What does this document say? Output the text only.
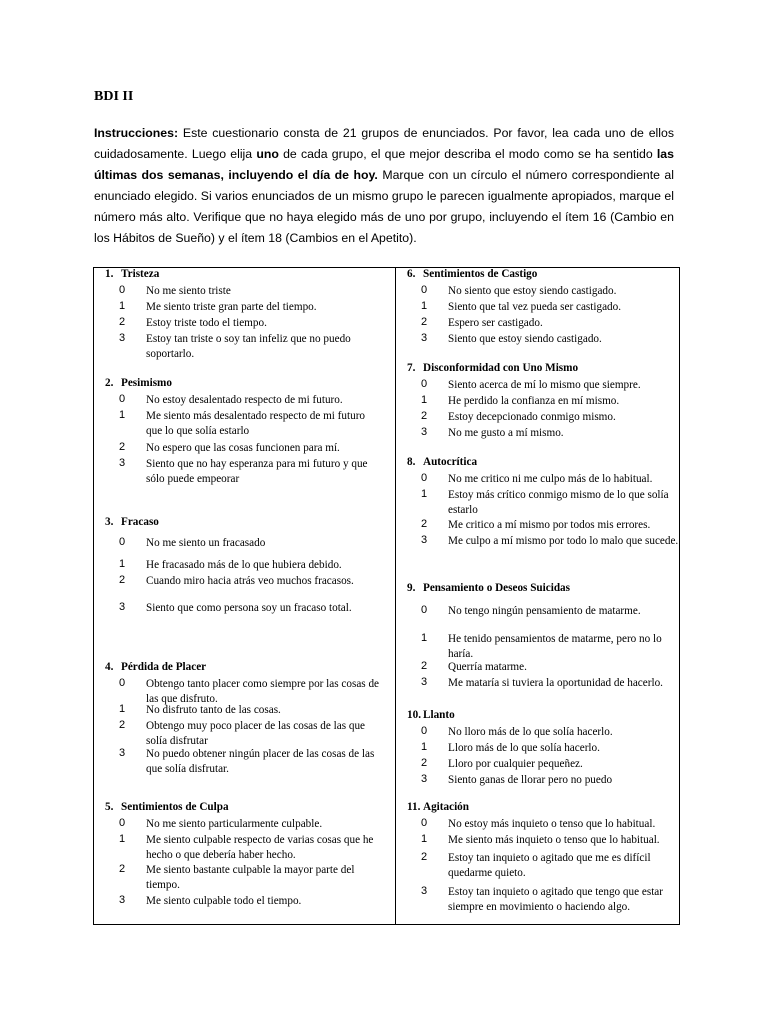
BDI II
Instrucciones: Este cuestionario consta de 21 grupos de enunciados. Por favor, lea cada uno de ellos cuidadosamente. Luego elija uno de cada grupo, el que mejor describa el modo como se ha sentido las últimas dos semanas, incluyendo el día de hoy. Marque con un círculo el número correspondiente al enunciado elegido. Si varios enunciados de un mismo grupo le parecen igualmente apropiados, marque el número más alto. Verifique que no haya elegido más de uno por grupo, incluyendo el ítem 16 (Cambio en los Hábitos de Sueño) y el ítem 18 (Cambios en el Apetito).
1. Tristeza
0 No me siento triste
1 Me siento triste gran parte del tiempo.
2 Estoy triste todo el tiempo.
3 Estoy tan triste o soy tan infeliz que no puedo soportarlo.
2. Pesimismo
0 No estoy desalentado respecto de mi futuro.
1 Me siento más desalentado respecto de mi futuro que lo que solía estarlo
2 No espero que las cosas funcionen para mí.
3 Siento que no hay esperanza para mi futuro y que sólo puede empeorar
3. Fracaso
0 No me siento un fracasado
1 He fracasado más de lo que hubiera debido.
2 Cuando miro hacia atrás veo muchos fracasos.
3 Siento que como persona soy un fracaso total.
4. Pérdida de Placer
0 Obtengo tanto placer como siempre por las cosas de las que disfruto.
1 No disfruto tanto de las cosas.
2 Obtengo muy poco placer de las cosas de las que solía disfrutar
3 No puedo obtener ningún placer de las cosas de las que solía disfrutar.
5. Sentimientos de Culpa
0 No me siento particularmente culpable.
1 Me siento culpable respecto de varias cosas que he hecho o que debería haber hecho.
2 Me siento bastante culpable la mayor parte del tiempo.
3 Me siento culpable todo el tiempo.
6. Sentimientos de Castigo
0 No siento que estoy siendo castigado.
1 Siento que tal vez pueda ser castigado.
2 Espero ser castigado.
3 Siento que estoy siendo castigado.
7. Disconformidad con Uno Mismo
0 Siento acerca de mí lo mismo que siempre.
1 He perdido la confianza en mí mismo.
2 Estoy decepcionado conmigo mismo.
3 No me gusto a mí mismo.
8. Autocrítica
0 No me critico ni me culpo más de lo habitual.
1 Estoy más crítico conmigo mismo de lo que solía estarlo
2 Me critico a mí mismo por todos mis errores.
3 Me culpo a mí mismo por todo lo malo que sucede.
9. Pensamiento o Deseos Suicidas
0 No tengo ningún pensamiento de matarme.
1 He tenido pensamientos de matarme, pero no lo haría.
2 Querría matarme.
3 Me mataría si tuviera la oportunidad de hacerlo.
10. Llanto
0 No lloro más de lo que solía hacerlo.
1 Lloro más de lo que solía hacerlo.
2 Lloro por cualquier pequeñez.
3 Siento ganas de llorar pero no puedo
11. Agitación
0 No estoy más inquieto o tenso que lo habitual.
1 Me siento más inquieto o tenso que lo habitual.
2 Estoy tan inquieto o agitado que me es difícil quedarme quieto.
3 Estoy tan inquieto o agitado que tengo que estar siempre en movimiento o haciendo algo.
